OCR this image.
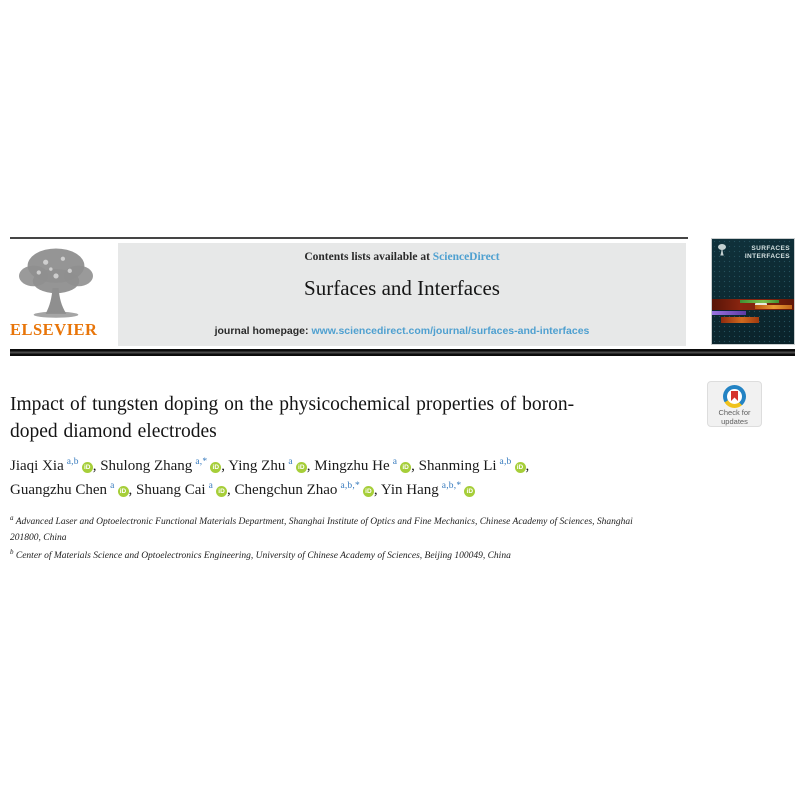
ELSEVIER
Contents lists available at ScienceDirect
Surfaces and Interfaces
journal homepage: www.sciencedirect.com/journal/surfaces-and-interfaces
SURFACES
INTERFACES
Impact of tungsten doping on the physicochemical properties of boron-doped diamond electrodes
Check for
updates
Jiaqi Xia  $^{a,b}$iD , Shulong Zhang  $^{a,*}$iD , Ying Zhu  $^a$iD , Mingzhu He  $^a$iD , Shanming Li  $^{a,b}$iD , Guangzhu Chen  $^a$iD , Shuang Cai  $^a$iD , Chengchun Zhao  $^{a,b,*}$iD , Yin Hang  $^{a,b,*}$iD
$^a$ Advanced Laser and Optoelectronic Functional Materials Department, Shanghai Institute of Optics and Fine Mechanics, Chinese Academy of Sciences, Shanghai 201800, China
$^b$ Center of Materials Science and Optoelectronics Engineering, University of Chinese Academy of Sciences, Beijing 100049, China
